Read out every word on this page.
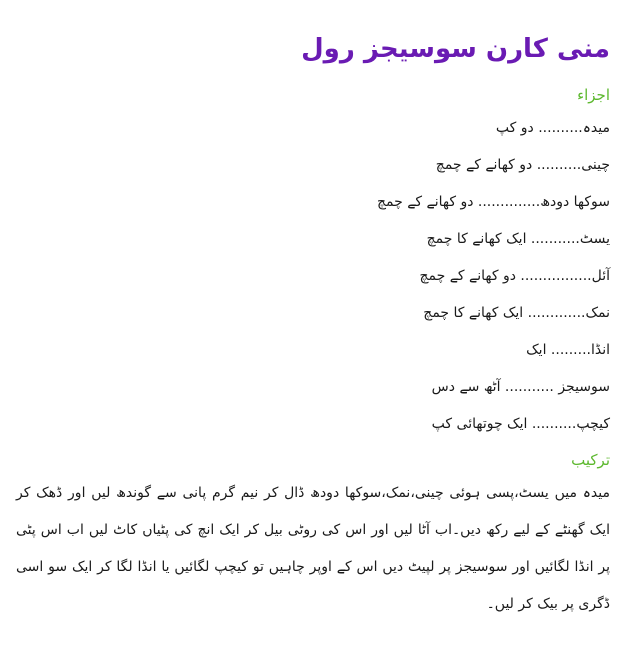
منی کارن سوسیجز رول
اجزاء
میدہ.......... دو کپ
چینی.......... دو کھانے کے چمچ
سوکھا دودھ.............. دو کھانے کے چمچ
یسٹ........... ایک کھانے کا چمچ
آئل................ دو کھانے کے چمچ
نمک............. ایک کھانے کا چمچ
انڈا......... ایک
سوسیجز ........... آٹھ سے دس
کیچپ.......... ایک چوتھائی کپ
ترکیب

میدہ میں یسٹ،پسی ہوئی چینی،نمک،سوکھا دودھ ڈال کر نیم گرم پانی سے گوندھ لیں اور ڈھک کر ایک گھنٹے کے لیے رکھ دیں۔اب آٹا لیں اور اس کی روٹی بیل کر ایک انچ کی پٹیاں کاٹ لیں اب اس پٹی پر انڈا لگائیں اور سوسیجز پر لپیٹ دیں اس کے اوپر چاہیں تو کیچپ لگائیں یا انڈا لگا کر ایک سو اسی ڈگری پر بیک کر لیں۔
